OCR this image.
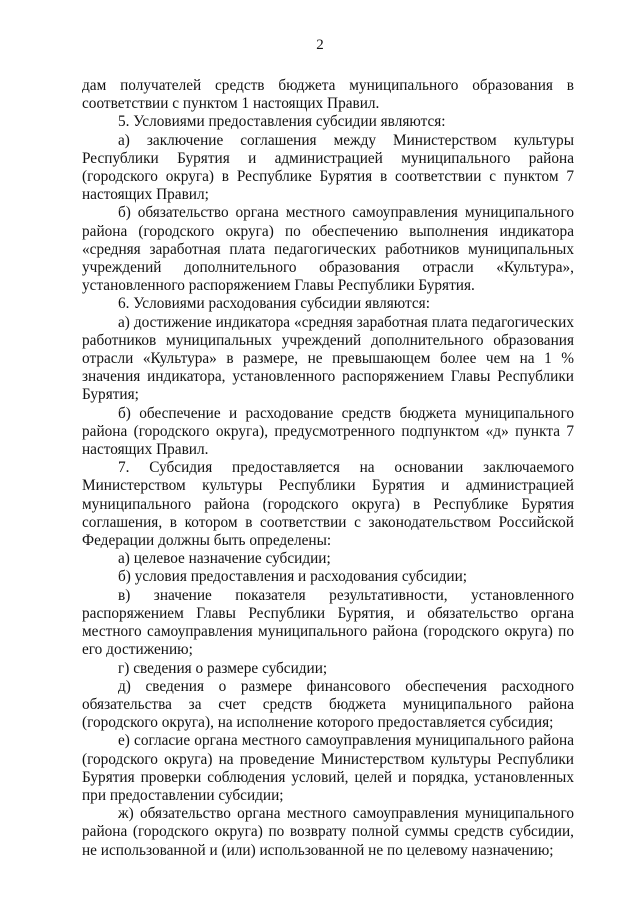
2

дам получателей средств бюджета муниципального образования в соответствии с пунктом 1 настоящих Правил.

5. Условиями предоставления субсидии являются:

а) заключение соглашения между Министерством культуры Республики Бурятия и администрацией муниципального района (городского округа) в Республике Бурятия в соответствии с пунктом 7 настоящих Правил;

б) обязательство органа местного самоуправления муниципального района (городского округа) по обеспечению выполнения индикатора «средняя заработная плата педагогических работников муниципальных учреждений дополнительного образования отрасли «Культура», установленного распоряжением Главы Республики Бурятия.

6. Условиями расходования субсидии являются:

а) достижение индикатора «средняя заработная плата педагогических работников муниципальных учреждений дополнительного образования отрасли «Культура» в размере, не превышающем более чем на 1 % значения индикатора, установленного распоряжением Главы Республики Бурятия;

б) обеспечение и расходование средств бюджета муниципального района (городского округа), предусмотренного подпунктом «д» пункта 7 настоящих Правил.

7. Субсидия предоставляется на основании заключаемого Министерством культуры Республики Бурятия и администрацией муниципального района (городского округа) в Республике Бурятия соглашения, в котором в соответствии с законодательством Российской Федерации должны быть определены:

а) целевое назначение субсидии;

б) условия предоставления и расходования субсидии;

в) значение показателя результативности, установленного распоряжением Главы Республики Бурятия, и обязательство органа местного самоуправления муниципального района (городского округа) по его достижению;

г) сведения о размере субсидии;

д) сведения о размере финансового обеспечения расходного обязательства за счет средств бюджета муниципального района (городского округа), на исполнение которого предоставляется субсидия;

е) согласие органа местного самоуправления муниципального района (городского округа) на проведение Министерством культуры Республики Бурятия проверки соблюдения условий, целей и порядка, установленных при предоставлении субсидии;

ж) обязательство органа местного самоуправления муниципального района (городского округа) по возврату полной суммы средств субсидии, не использованной и (или) использованной не по целевому назначению;
